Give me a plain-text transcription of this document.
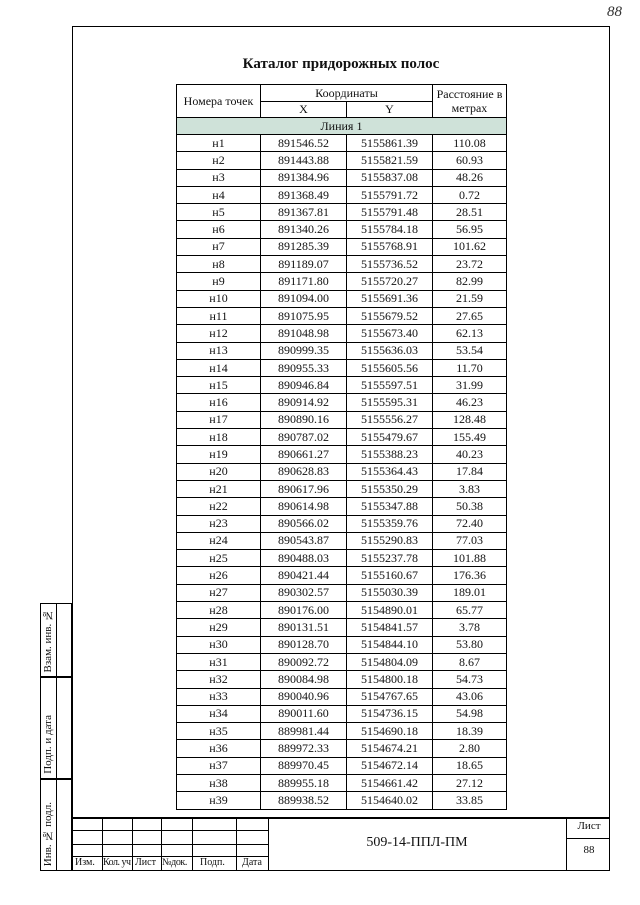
88
Каталог придорожных полос
Номера точек	Координаты		Расстояние в метрах
	X	Y	
Линия 1			
н1	891546.52	5155861.39	110.08
н2	891443.88	5155821.59	60.93
н3	891384.96	5155837.08	48.26
н4	891368.49	5155791.72	0.72
н5	891367.81	5155791.48	28.51
н6	891340.26	5155784.18	56.95
н7	891285.39	5155768.91	101.62
н8	891189.07	5155736.52	23.72
н9	891171.80	5155720.27	82.99
н10	891094.00	5155691.36	21.59
н11	891075.95	5155679.52	27.65
н12	891048.98	5155673.40	62.13
н13	890999.35	5155636.03	53.54
н14	890955.33	5155605.56	11.70
н15	890946.84	5155597.51	31.99
н16	890914.92	5155595.31	46.23
н17	890890.16	5155556.27	128.48
н18	890787.02	5155479.67	155.49
н19	890661.27	5155388.23	40.23
н20	890628.83	5155364.43	17.84
н21	890617.96	5155350.29	3.83
н22	890614.98	5155347.88	50.38
н23	890566.02	5155359.76	72.40
н24	890543.87	5155290.83	77.03
н25	890488.03	5155237.78	101.88
н26	890421.44	5155160.67	176.36
н27	890302.57	5155030.39	189.01
н28	890176.00	5154890.01	65.77
н29	890131.51	5154841.57	3.78
н30	890128.70	5154844.10	53.80
н31	890092.72	5154804.09	8.67
н32	890084.98	5154800.18	54.73
н33	890040.96	5154767.65	43.06
н34	890011.60	5154736.15	54.98
н35	889981.44	5154690.18	18.39
н36	889972.33	5154674.21	2.80
н37	889970.45	5154672.14	18.65
н38	889955.18	5154661.42	27.12
н39	889938.52	5154640.02	33.85
Взам. инв. №
Подп. и дата
Инв. № подл.	509-14-ППЛ-ПМ
Лист
88
Изм. Кол. уч Лист №док. Подп. Дата
